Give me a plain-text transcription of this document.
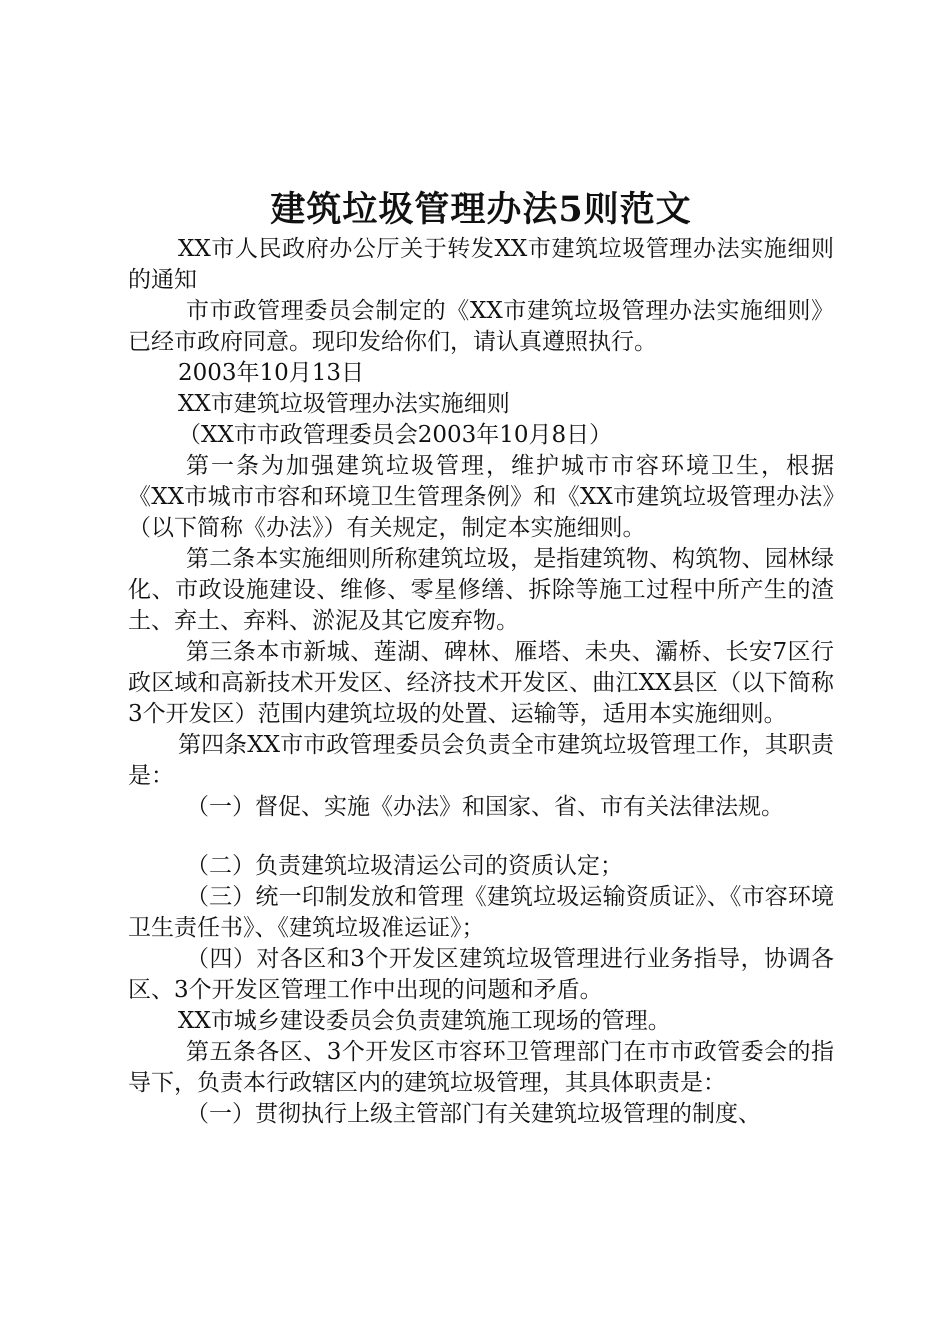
建筑垃圾管理办法5则范文

XX市人民政府办公厅关于转发XX市建筑垃圾管理办法实施细则的通知

市市政管理委员会制定的《XX市建筑垃圾管理办法实施细则》已经市政府同意。现印发给你们，请认真遵照执行。

2003年10月13日

XX市建筑垃圾管理办法实施细则

（XX市市政管理委员会2003年10月8日）

第一条为加强建筑垃圾管理，维护城市市容环境卫生，根据《XX市城市市容和环境卫生管理条例》和《XX市建筑垃圾管理办法》（以下简称《办法》）有关规定，制定本实施细则。

第二条本实施细则所称建筑垃圾，是指建筑物、构筑物、园林绿化、市政设施建设、维修、零星修缮、拆除等施工过程中所产生的渣土、弃土、弃料、淤泥及其它废弃物。

第三条本市新城、莲湖、碑林、雁塔、未央、灞桥、长安7区行政区域和高新技术开发区、经济技术开发区、曲江XX县区（以下简称3个开发区）范围内建筑垃圾的处置、运输等，适用本实施细则。

第四条XX市市政管理委员会负责全市建筑垃圾管理工作，其职责是：

（一）督促、实施《办法》和国家、省、市有关法律法规。

（二）负责建筑垃圾清运公司的资质认定；

（三）统一印制发放和管理《建筑垃圾运输资质证》、《市容环境卫生责任书》、《建筑垃圾准运证》；

（四）对各区和3个开发区建筑垃圾管理进行业务指导，协调各区、3个开发区管理工作中出现的问题和矛盾。

XX市城乡建设委员会负责建筑施工现场的管理。

第五条各区、3个开发区市容环卫管理部门在市市政管委会的指导下，负责本行政辖区内的建筑垃圾管理，其具体职责是：

（一）贯彻执行上级主管部门有关建筑垃圾管理的制度、
